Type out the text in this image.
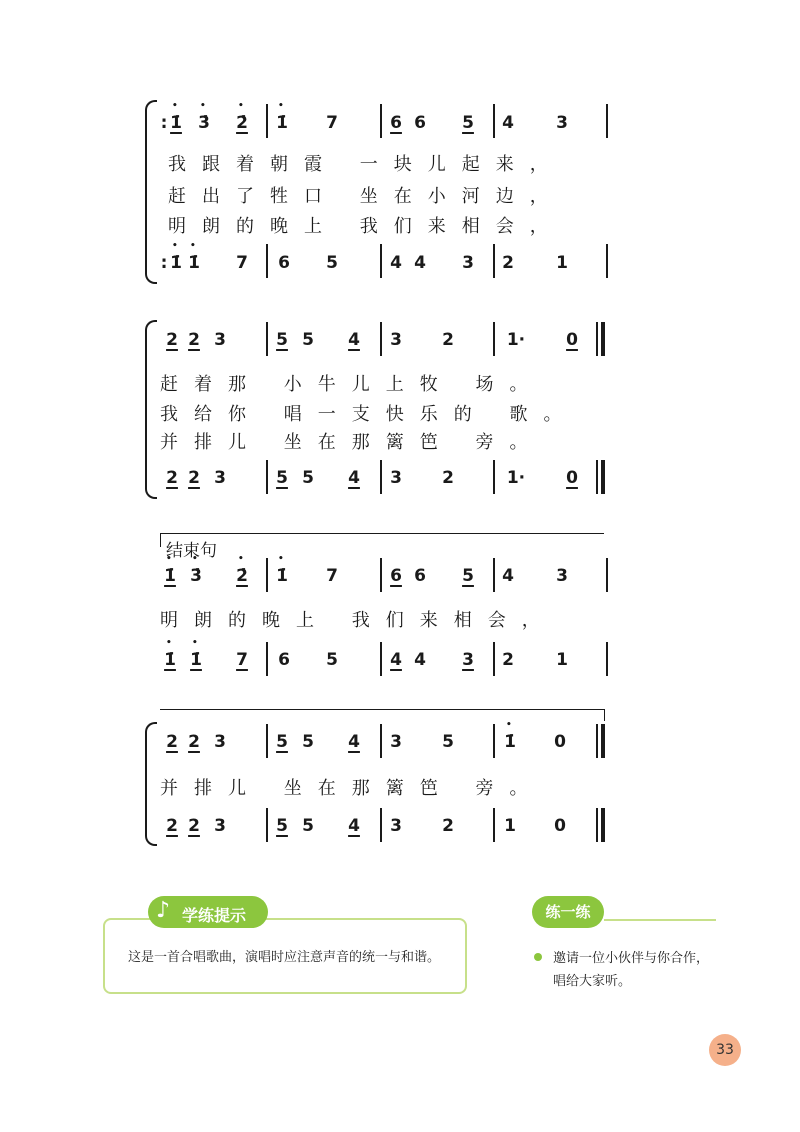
: • 1̇ • 3̇ • 2̇ • 1̇ 7	6 6 5 4 3
我跟着朝霞 一块儿起来，
赶出了牲口 坐在小河边，
明朗的晚上 我们来相会，
: • 1̇ • 1̇ 7 6 5	4 4 3 2 1
2 2 3	5 5 4 3 2	1·	0
赶着那 小牛儿上牧 场。
我给你 唱一支快乐的 歌。
并排儿 坐在那篱笆 旁。
2 2 3	5 5 4 3 2	1·	0
结束句
• 1̇ • 3̇ • 2̇ • 1̇ 7	6 6 5 4 3
明朗的晚上 我们来相会，
• 1̇ • 1̇ 7 6 5	4 4 3 2 1
2 2 3	5 5 4 3 5	• 1̇ 0
并排儿 坐在那篱笆 旁。
2 2 3	5 5 4 3 2	1 0
♪ 学练提示
这是一首合唱歌曲，演唱时应注意声音的统一与和谐。
练一练
邀请一位小伙伴与你合作，
唱给大家听。
33
